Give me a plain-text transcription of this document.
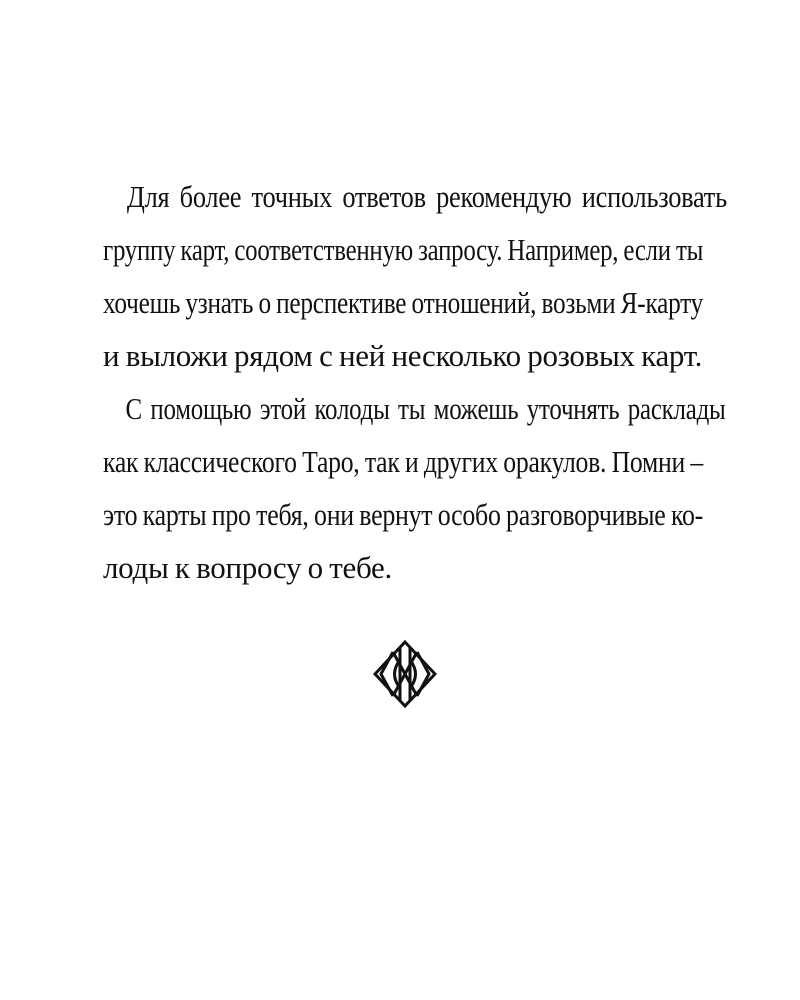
Для более точных ответов рекомендую использовать
группу карт, соответственную запросу. Например, если ты
хочешь узнать о перспективе отношений, возьми Я-карту
и выложи рядом с ней несколько розовых карт.
С помощью этой колоды ты можешь уточнять расклады
как классического Таро, так и других оракулов. Помни –
это карты про тебя, они вернут особо разговорчивые ко-
лоды к вопросу о тебе.
